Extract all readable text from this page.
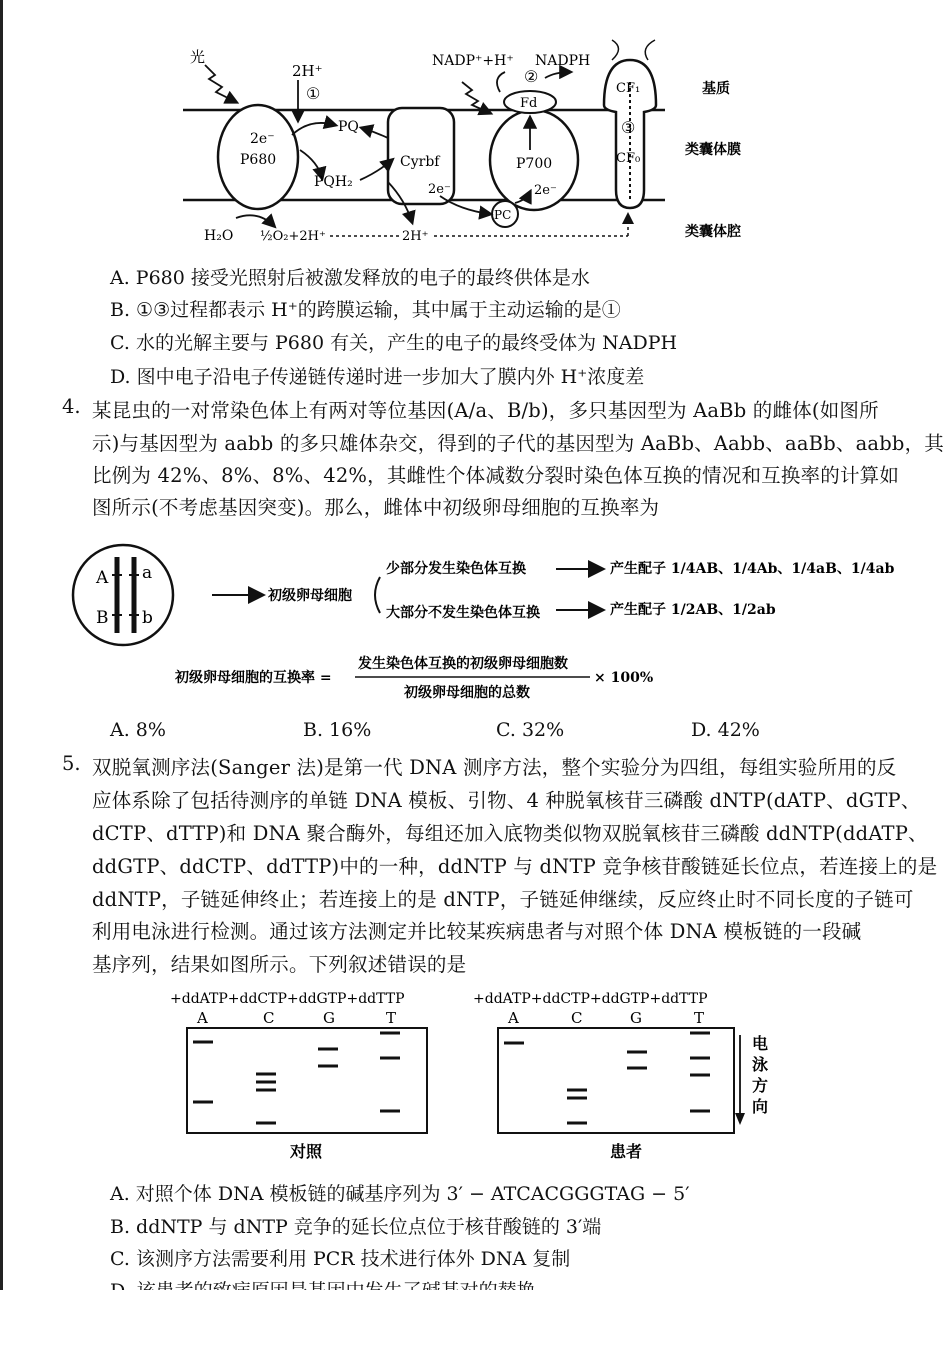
光
2H⁺
①
NADP⁺+H⁺
②
NADPH
Fd
CF₁
③
CF₀
2e⁻
P680
PQ
PQH₂
Cyrbf
2e⁻
P700
2e⁻
PC
H₂O ½O₂+2H⁺	2H⁺
基质
类囊体膜
类囊体腔
A. P680 接受光照射后被激发释放的电子的最终供体是水
B. ①③过程都表示 H⁺的跨膜运输，其中属于主动运输的是①
C. 水的光解主要与 P680 有关，产生的电子的最终受体为 NADPH
D. 图中电子沿电子传递链传递时进一步加大了膜内外 H⁺浓度差
4. 某昆虫的一对常染色体上有两对等位基因(A/a、B/b)，多只基因型为 AaBb 的雌体(如图所
示)与基因型为 aabb 的多只雄体杂交，得到的子代的基因型为 AaBb、Aabb、aaBb、aabb，其
比例为 42%、8%、8%、42%，其雌性个体减数分裂时染色体互换的情况和互换率的计算如
图所示(不考虑基因突变)。那么，雌体中初级卵母细胞的互换率为
A a
B b
初级卵母细胞
少部分发生染色体互换
大部分不发生染色体互换
产生配子 1/4AB、1/4Ab、1/4aB、1/4ab
产生配子 1/2AB、1/2ab
初级卵母细胞的互换率 =
发生染色体互换的初级卵母细胞数
初级卵母细胞的总数
× 100%
A. 8%	B. 16%	C. 32%	D. 42%
5. 双脱氧测序法(Sanger 法)是第一代 DNA 测序方法，整个实验分为四组，每组实验所用的反
应体系除了包括待测序的单链 DNA 模板、引物、4 种脱氧核苷三磷酸 dNTP(dATP、dGTP、
dCTP、dTTP)和 DNA 聚合酶外，每组还加入底物类似物双脱氧核苷三磷酸 ddNTP(ddATP、
ddGTP、ddCTP、ddTTP)中的一种，ddNTP 与 dNTP 竞争核苷酸链延长位点，若连接上的是
ddNTP，子链延伸终止；若连接上的是 dNTP，子链延伸继续，反应终止时不同长度的子链可
利用电泳进行检测。通过该方法测定并比较某疾病患者与对照个体 DNA 模板链的一段碱
基序列，结果如图所示。下列叙述错误的是
+ddATP+ddCTP+ddGTP+ddTTP
A	C	G	T
对照
+ddATP+ddCTP+ddGTP+ddTTP
A	C	G	T
患者
电
泳
方
向
A. 对照个体 DNA 模板链的碱基序列为 3′ − ATCACGGGTAG − 5′
B. ddNTP 与 dNTP 竞争的延长位点位于核苷酸链的 3′端
C. 该测序方法需要利用 PCR 技术进行体外 DNA 复制
